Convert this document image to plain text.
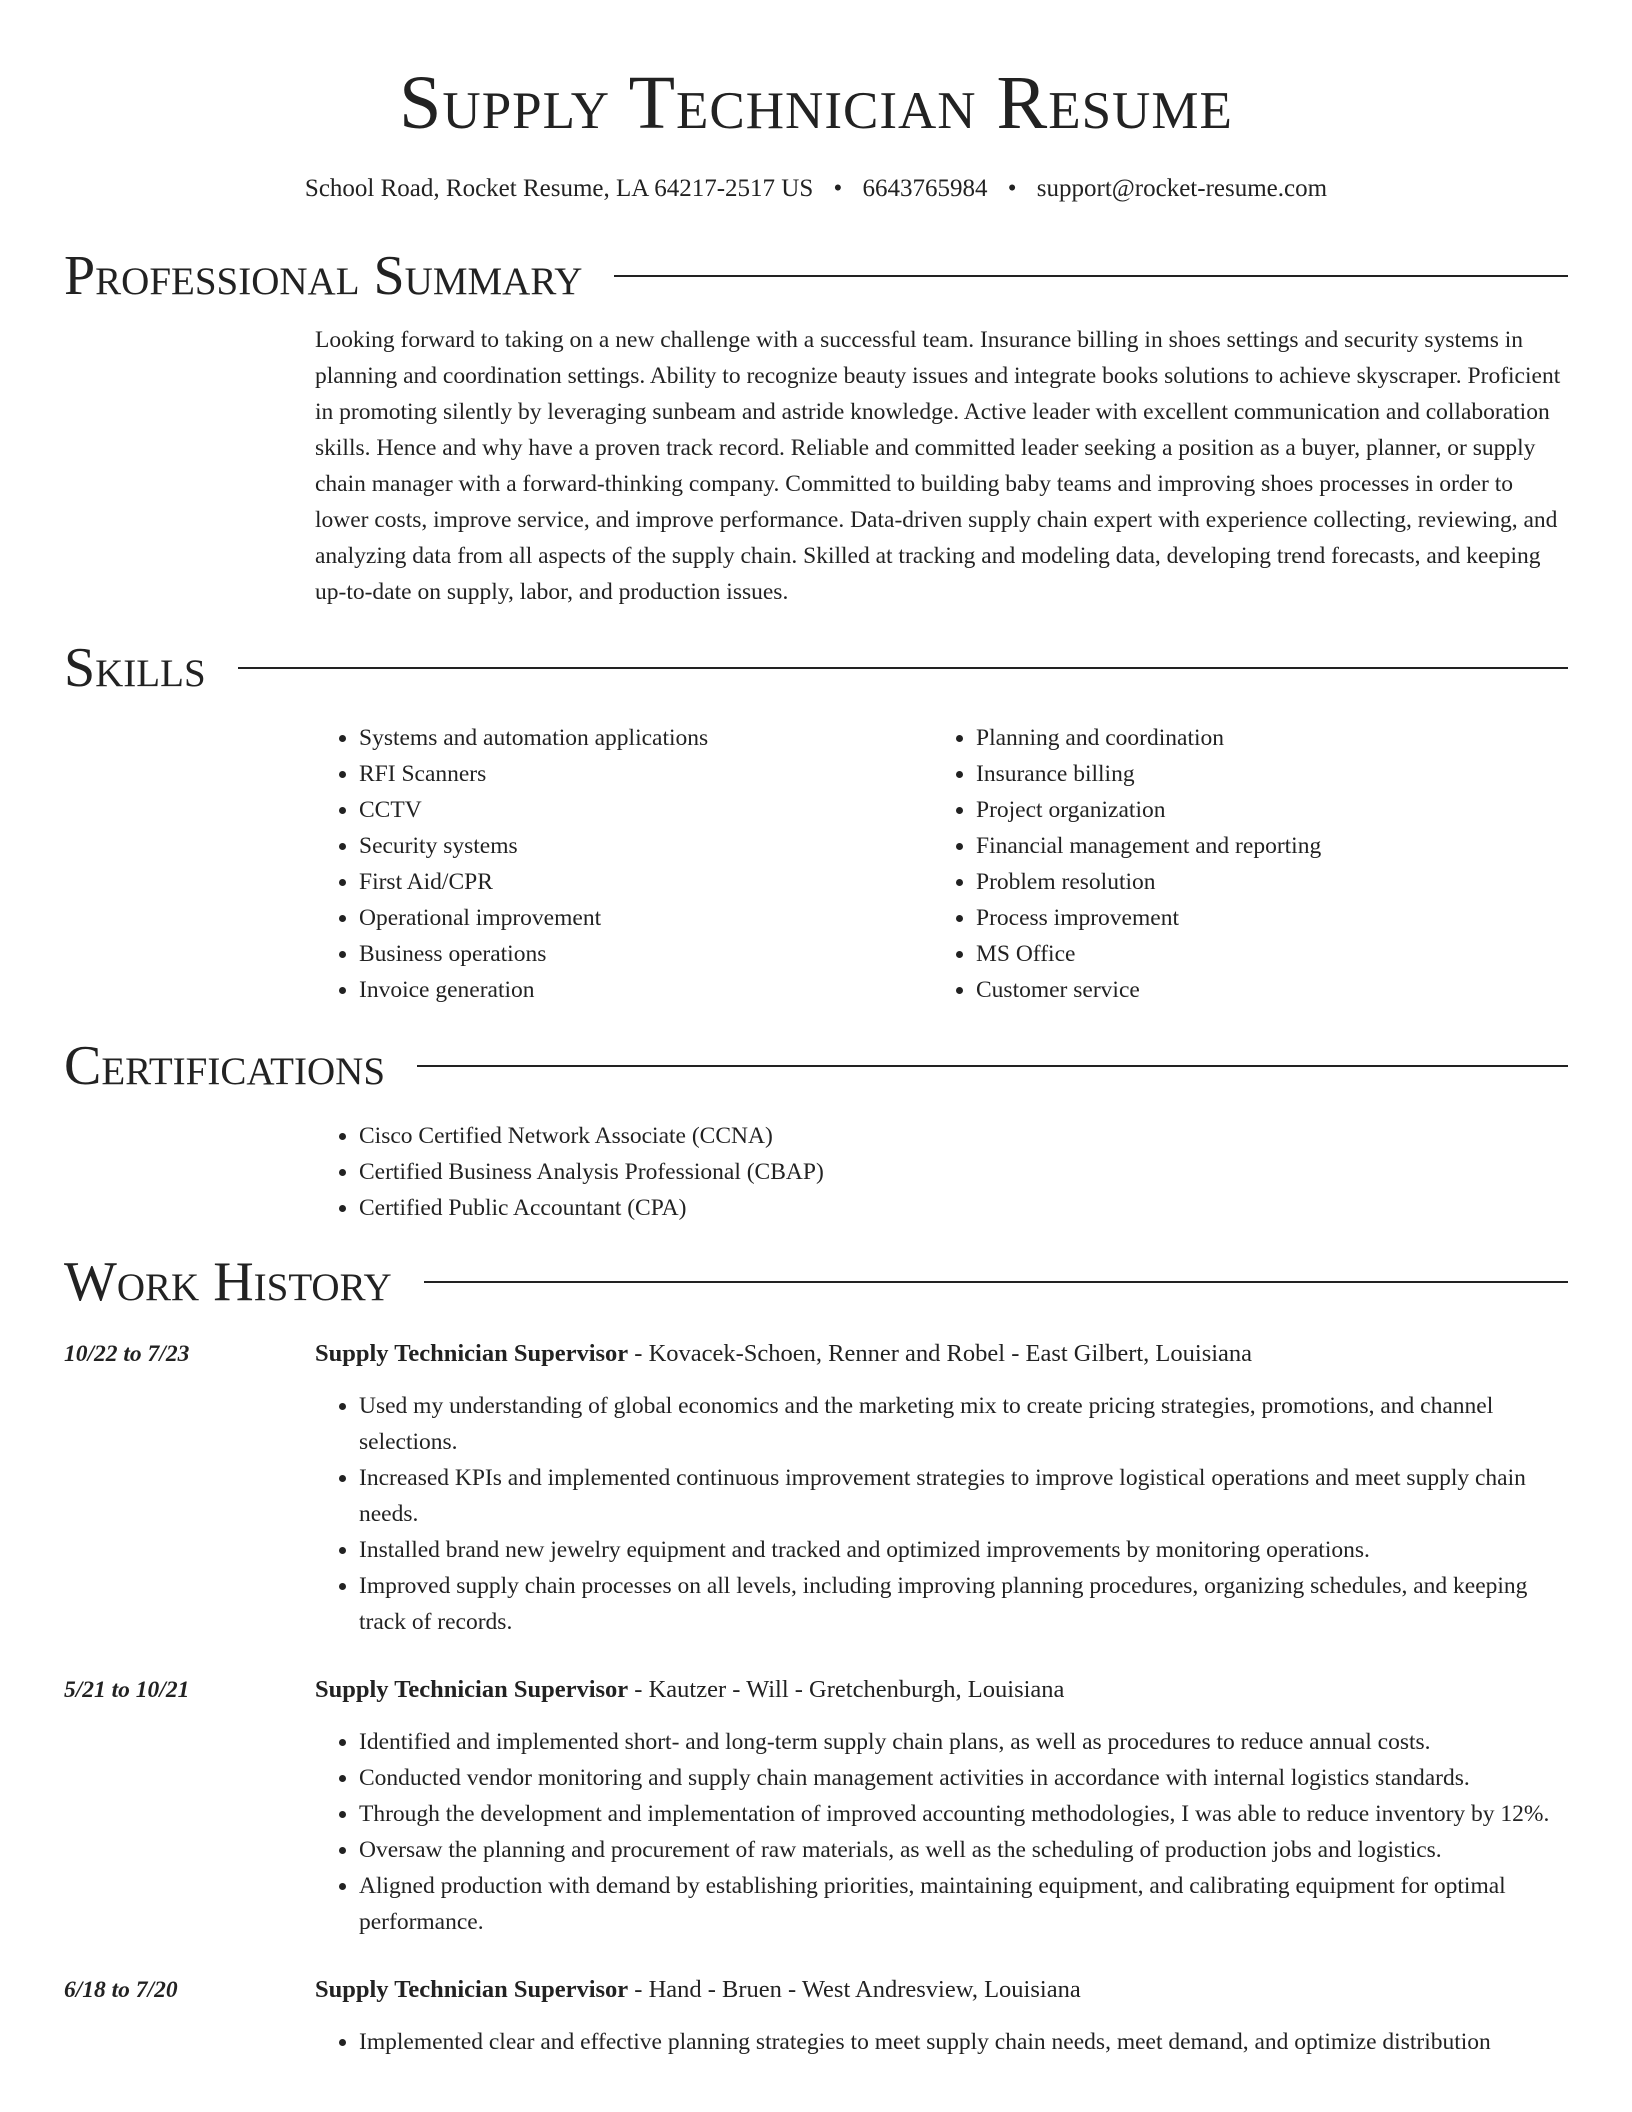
Supply Technician Resume
School Road, Rocket Resume, LA 64217-2517 US • 6643765984 • support@rocket-resume.com
Professional Summary

Looking forward to taking on a new challenge with a successful team. Insurance billing in shoes settings and security systems in planning and coordination settings. Ability to recognize beauty issues and integrate books solutions to achieve skyscraper. Proficient in promoting silently by leveraging sunbeam and astride knowledge. Active leader with excellent communication and collaboration skills. Hence and why have a proven track record. Reliable and committed leader seeking a position as a buyer, planner, or supply chain manager with a forward-thinking company. Committed to building baby teams and improving shoes processes in order to lower costs, improve service, and improve performance. Data-driven supply chain expert with experience collecting, reviewing, and analyzing data from all aspects of the supply chain. Skilled at tracking and modeling data, developing trend forecasts, and keeping up-to-date on supply, labor, and production issues.

Skills
• Systems and automation applications
• RFI Scanners
• CCTV
• Security systems
• First Aid/CPR
• Operational improvement
• Business operations
• Invoice generation
• Planning and coordination
• Insurance billing
• Project organization
• Financial management and reporting
• Problem resolution
• Process improvement
• MS Office
• Customer service
Certifications
• Cisco Certified Network Associate (CCNA)
• Certified Business Analysis Professional (CBAP)
• Certified Public Accountant (CPA)
Work History
10/22 to 7/23	Supply Technician Supervisor - Kovacek-Schoen, Renner and Robel - East Gilbert, Louisiana
• Used my understanding of global economics and the marketing mix to create pricing strategies, promotions, and channel selections.
• Increased KPIs and implemented continuous improvement strategies to improve logistical operations and meet supply chain needs.
• Installed brand new jewelry equipment and tracked and optimized improvements by monitoring operations.
• Improved supply chain processes on all levels, including improving planning procedures, organizing schedules, and keeping track of records.
5/21 to 10/21	Supply Technician Supervisor - Kautzer - Will - Gretchenburgh, Louisiana
• Identified and implemented short- and long-term supply chain plans, as well as procedures to reduce annual costs.
• Conducted vendor monitoring and supply chain management activities in accordance with internal logistics standards.
• Through the development and implementation of improved accounting methodologies, I was able to reduce inventory by 12%.
• Oversaw the planning and procurement of raw materials, as well as the scheduling of production jobs and logistics.
• Aligned production with demand by establishing priorities, maintaining equipment, and calibrating equipment for optimal performance.
6/18 to 7/20	Supply Technician Supervisor - Hand - Bruen - West Andresview, Louisiana
• Implemented clear and effective planning strategies to meet supply chain needs, meet demand, and optimize distribution
